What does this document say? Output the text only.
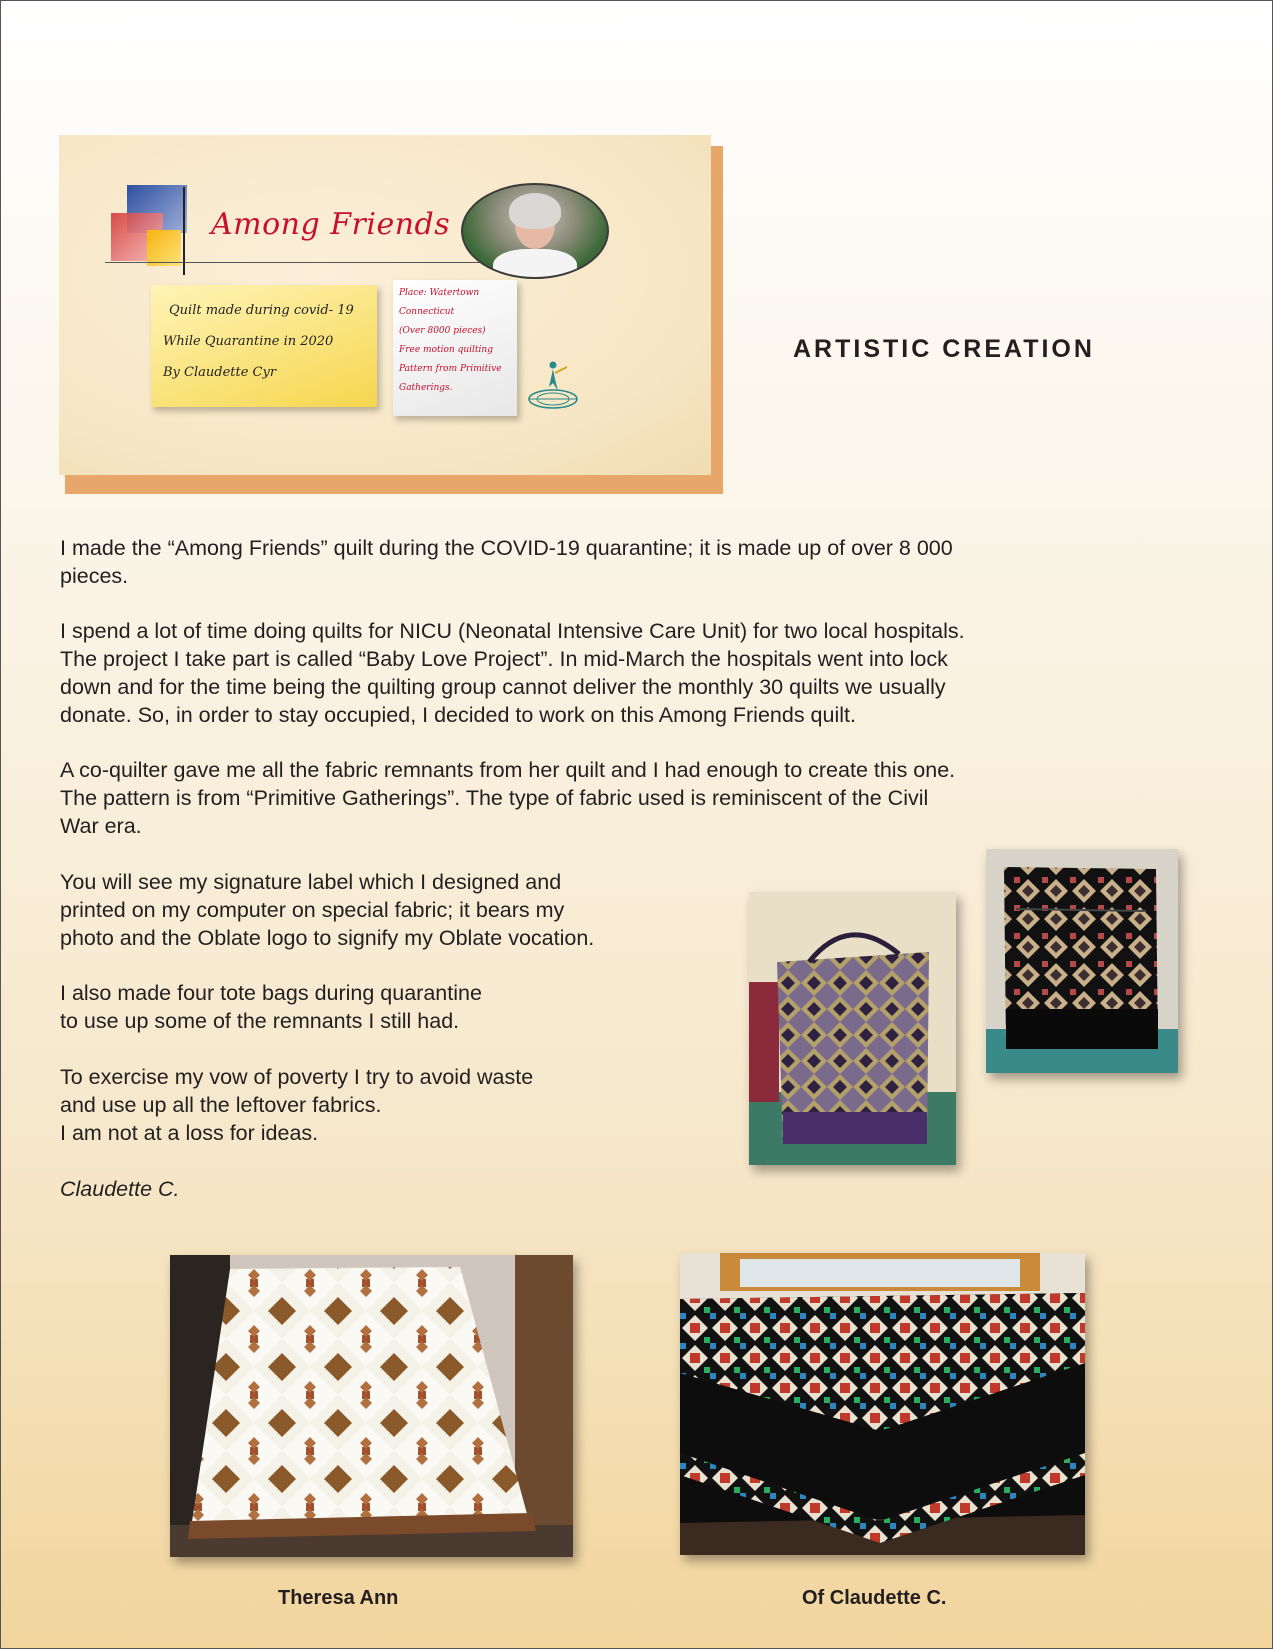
Among Friends
Quilt made during covid- 19
While Quarantine in 2020
By Claudette Cyr
Place: Watertown
Connecticut
(Over 8000 pieces)
Free motion quilting
Pattern from Primitive
Gatherings.
ARTISTIC CREATION
I made the “Among Friends” quilt during the COVID-19 quarantine; it is made up of over 8 000
pieces.
I spend a lot of time doing quilts for NICU (Neonatal Intensive Care Unit) for two local hospitals.
The project I take part is called “Baby Love Project”. In mid-March the hospitals went into lock
down and for the time being the quilting group cannot deliver the monthly 30 quilts we usually
donate. So, in order to stay occupied, I decided to work on this Among Friends quilt.
A co-quilter gave me all the fabric remnants from her quilt and I had enough to create this one.
The pattern is from “Primitive Gatherings”. The type of fabric used is reminiscent of the Civil
War era.
You will see my signature label which I designed and
printed on my computer on special fabric; it bears my
photo and the Oblate logo to signify my Oblate vocation.
I also made four tote bags during quarantine
to use up some of the remnants I still had.
To exercise my vow of poverty I try to avoid waste
and use up all the leftover fabrics.
I am not at a loss for ideas.
Claudette C.
Theresa Ann	Of Claudette C.
